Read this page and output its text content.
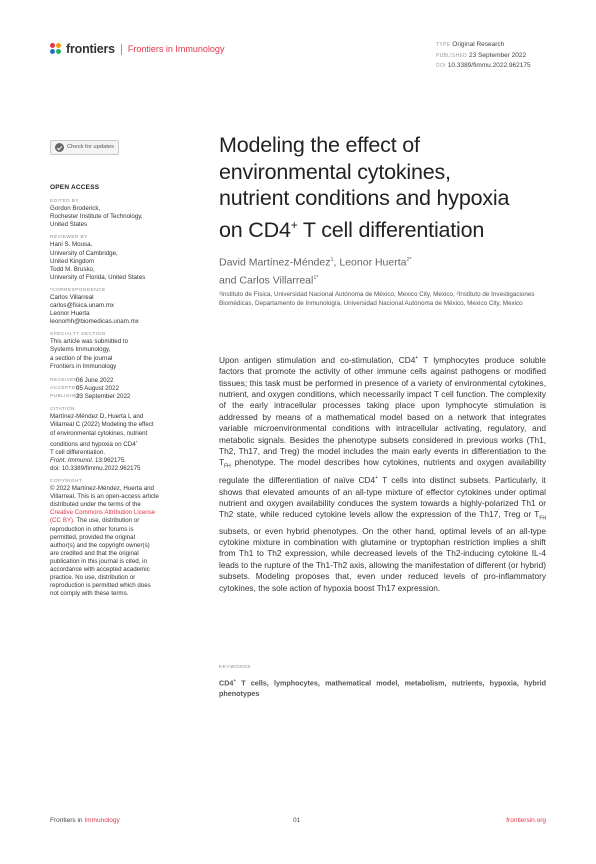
frontiers Frontiers in Immunology	TYPE Original Research
PUBLISHED 23 September 2022
DOI 10.3389/fimmu.2022.962175
Check for updates
OPEN ACCESS
EDITED BY
Gordon Broderick,
Rochester Institute of Technology,
United States
REVIEWED BY
Hani S. Mousa,
University of Cambridge,
United Kingdom
Todd M. Brusko,
University of Florida, United States
*CORRESPONDENCE
Carlos Villarreal
carlos@fisica.unam.mx
Leonor Huerta
leonorhh@biomedicas.unam.mx
SPECIALTY SECTION
This article was submitted to
Systems Immunology,
a section of the journal
Frontiers in Immunology
RECEIVED
06 June 2022
ACCEPTED
05 August 2022
PUBLISHED
23 September 2022
CITATION
Martínez-Méndez D, Huerta L and
Villarreal C (2022) Modeling the effect
of environmental cytokines, nutrient
conditions and hypoxia on CD4+
T cell differentiation.
Front. Immunol. 13:962175.
doi: 10.3389/fimmu.2022.962175
COPYRIGHT
© 2022 Martínez-Méndez, Huerta and
Villarreal. This is an open-access article
distributed under the terms of the
Creative Commons Attribution License
(CC BY). The use, distribution or
reproduction in other forums is
permitted, provided the original
author(s) and the copyright owner(s)
are credited and that the original
publication in this journal is cited, in
accordance with accepted academic
practice. No use, distribution or
reproduction is permitted which does
not comply with these terms.
Modeling the effect of
environmental cytokines,
nutrient conditions and hypoxia
on CD4+ T cell differentiation
David Martínez-Méndez$^1$, Leonor Huerta$^{2*}$
and Carlos Villarreal$^{1*}$
¹Instituto de Física, Universidad Nacional Autónoma de México, Mexico City, Mexico, ²Instituto de Investigaciones Biomédicas, Departamento de Inmunología, Universidad Nacional Autónoma de México, Mexico City, Mexico
Upon antigen stimulation and co-stimulation, CD4+ T lymphocytes produce soluble factors that promote the activity of other immune cells against pathogens or modified tissues; this task must be performed in presence of a variety of environmental cytokines, nutrient, and oxygen conditions, which necessarily impact T cell function. The complexity of the early intracellular processes taking place upon lymphocyte stimulation is addressed by means of a mathematical model based on a network that integrates variable microenvironmental conditions with intracellular activating, regulatory, and metabolic signals. Besides the phenotype subsets considered in previous works (Th1, Th2, Th17, and Treg) the model includes the main early events in differentiation to the $T_{FH}$ phenotype. The model describes how cytokines, nutrients and oxygen availability regulate the differentiation of naïve CD4+ T cells into distinct subsets. Particularly, it shows that elevated amounts of an all-type mixture of effector cytokines under optimal nutrient and oxygen availability conduces the system towards a highly-polarized Th1 or Th2 state, while reduced cytokine levels allow the expression of the Th17, Treg or $T_{FH}$ subsets, or even hybrid phenotypes. On the other hand, optimal levels of an all-type cytokine mixture in combination with glutamine or tryptophan restriction implies a shift from Th1 to Th2 expression, while decreased levels of the Th2-inducing cytokine IL-4 leads to the rupture of the Th1-Th2 axis, allowing the manifestation of different (or hybrid) subsets. Modeling proposes that, even under reduced levels of pro-inflammatory cytokines, the sole action of hypoxia boost Th17 expression.
KEYWORDS
CD4+ T cells, lymphocytes, mathematical model, metabolism, nutrients, hypoxia, hybrid phenotypes
Frontiers in Immunology	01	frontiersin.org
